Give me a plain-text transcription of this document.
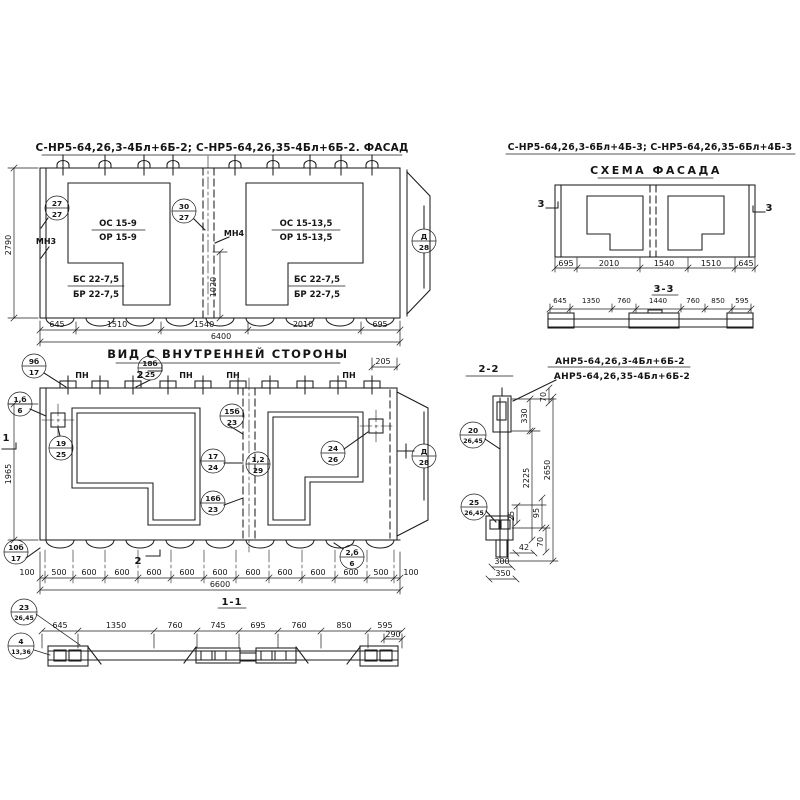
С-НР5-64,26,3-4Бл+6Б-2; С-НР5-64,26,35-4Бл+6Б-2. ФАСАД
ОС 15-9
ОР 15-9
ОС 15-13,5
ОР 15-13,5
БС 22-7,5
БР 22-7,5
БС 22-7,5
БР 22-7,5
МН3
МН4
645	1510	1540	2010	695
6400
2790
1020
27
27
30
27
Д
28
С-НР5-64,26,3-6Бл+4Б-3; С-НР5-64,26,35-6Бл+4Б-3
СХЕМА ФАСАДА
3	3
695	2010	1540	1510 645
3-3
645 1350 760 1440	760 850 595
ВИД С ВНУТРЕННЕЙ СТОРОНЫ
ПН	ПН	ПН	ПН
2
2
1
205
1965
100 500 600 600 600 600 600 600 600 600 600 500 100
6600
9б
17
18б
25
1,б
6
19
25
15б
23
17
24
16б
23
1,2
29
24
26
Д
28
10б
17
2,б
6
1-1
645	1350	760	745	695	760	850	595
290
23
26,45
4
13,36
2-2
АНР5-64,26,3-4Бл+6Б-2
АНР5-64,26,35-4Бл+6Б-2
330
70
2225 2650
95
25
70
42
300
350
20
26,45
25
26,45
